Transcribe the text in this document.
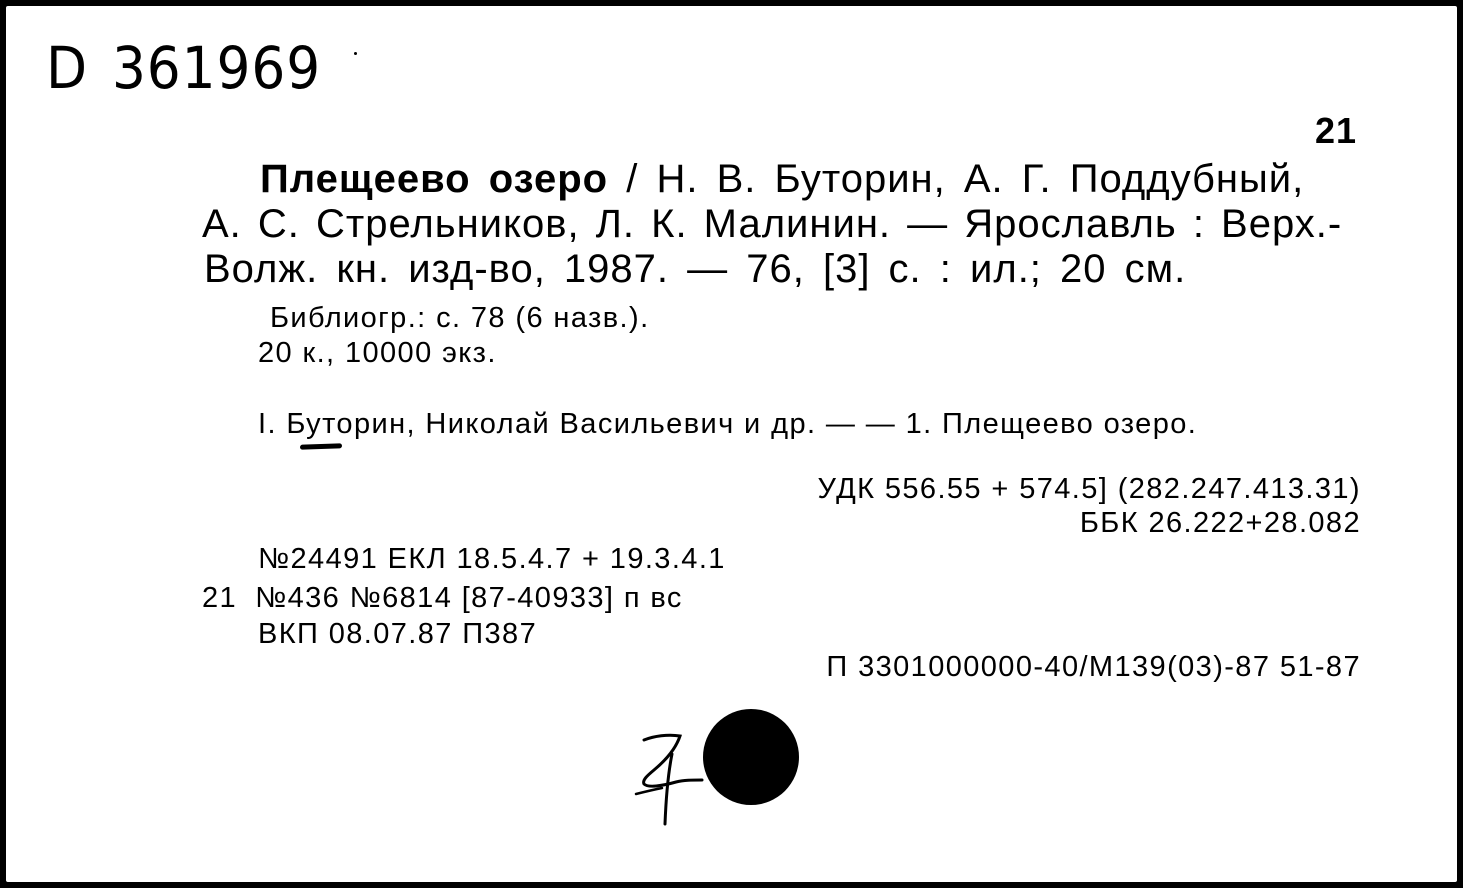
D 361969
21
Плещеево озеро / Н. В. Буторин, А. Г. Поддубный,
А. С. Стрельников, Л. К. Малинин. — Ярославль : Верх.-
Волж. кн. изд-во, 1987. — 76, [3] с. : ил.; 20 см.
Библиогр.: с. 78 (6 назв.).
20 к., 10000 экз.
I. Буторин, Николай Васильевич и др. — — 1. Плещеево озеро.
УДК 556.55 + 574.5] (282.247.413.31)
ББК 26.222+28.082
№24491 ЕКЛ 18.5.4.7 + 19.3.4.1
21 №436 №6814 [87-40933] п вс
ВКП 08.07.87 П387
П 3301000000-40/М139(03)-87 51-87
